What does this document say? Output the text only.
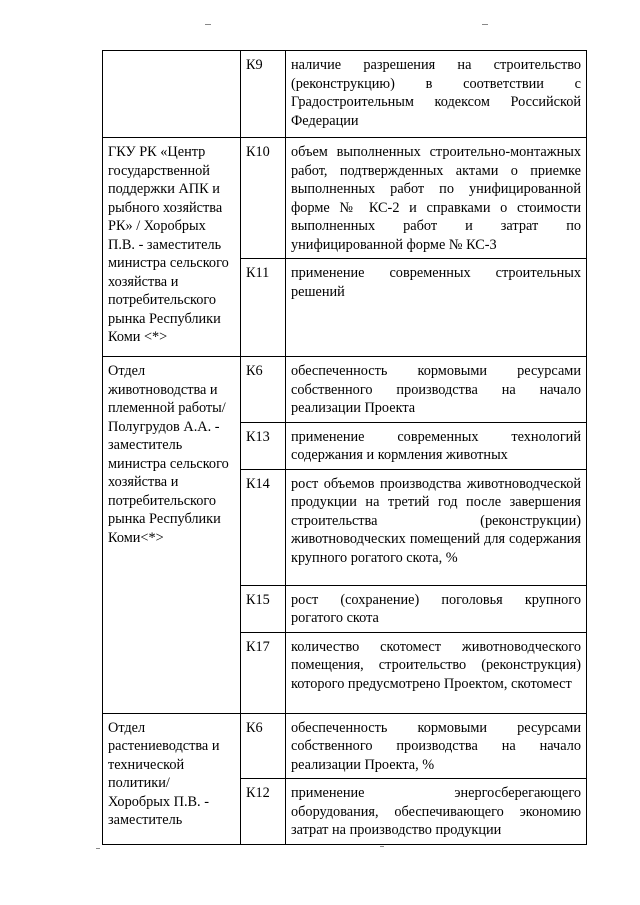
	К9	наличие разрешения на строительство (реконструкцию) в соответствии с Градостроительным кодексом Российской Федерации
ГКУ РК «Центр государственной поддержки АПК и рыбного хозяйства РК» / Хоробрых П.В. - заместитель министра сельского хозяйства и потребительского рынка Республики Коми <*>	К10	объем выполненных строительно-монтажных работ, подтвержденных актами о приемке выполненных работ по унифицированной форме № КС-2 и справками о стоимости выполненных работ и затрат по унифицированной форме № КС-3
	К11	применение современных строительных решений
Отдел животноводства и племенной работы/ Полугрудов А.А. - заместитель министра сельского хозяйства и потребительского рынка Республики Коми<*>	К6	обеспеченность кормовыми ресурсами собственного производства на начало реализации Проекта
	К13	применение современных технологий содержания и кормления животных
	К14	рост объемов производства животноводческой продукции на третий год после завершения строительства (реконструкции) животноводческих помещений для содержания крупного рогатого скота, %
	К15	рост (сохранение) поголовья крупного рогатого скота
	К17	количество скотомест животноводческого помещения, строительство (реконструкция) которого предусмотрено Проектом, скотомест
Отдел растениеводства и технической политики/ Хоробрых П.В. - заместитель	К6	обеспеченность кормовыми ресурсами собственного производства на начало реализации Проекта, %
	К12	применение энергосберегающего оборудования, обеспечивающего экономию затрат на производство продукции
